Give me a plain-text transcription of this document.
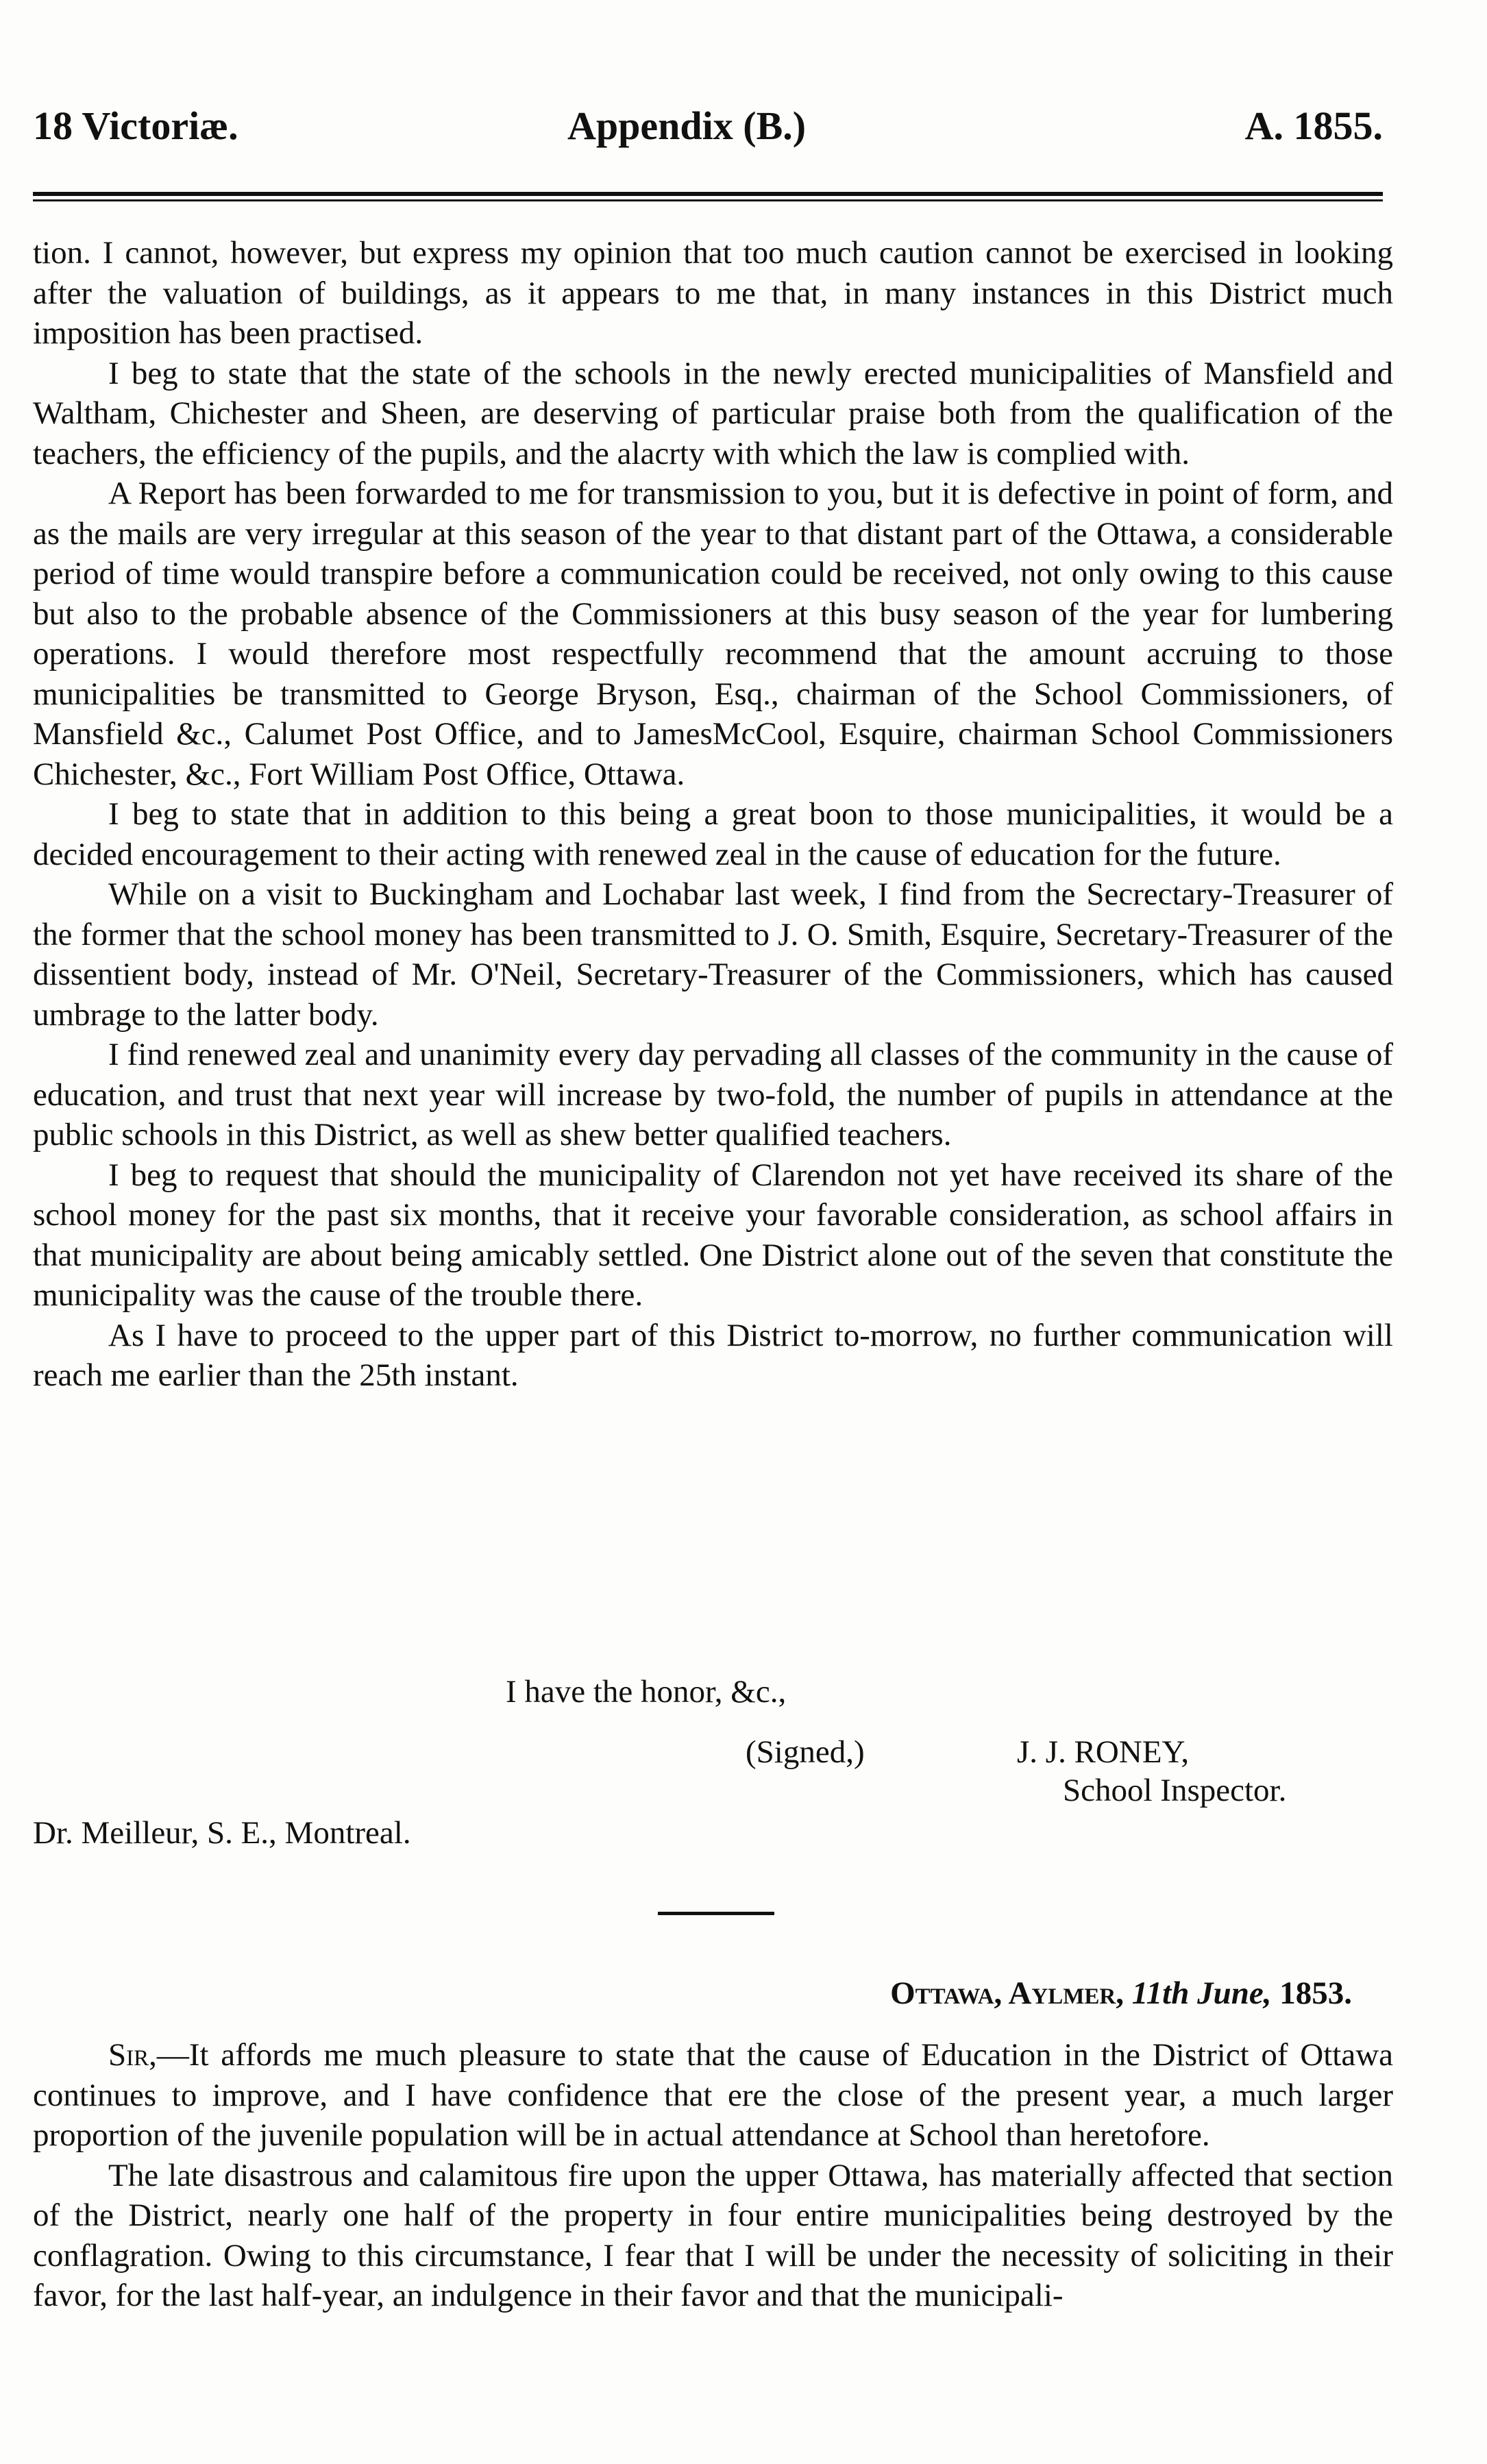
18 Victoriæ.	Appendix (B.)	A. 1855.

tion. I cannot, however, but express my opinion that too much caution cannot be exercised in looking after the valuation of buildings, as it appears to me that, in many instances in this District much imposition has been practised.

I beg to state that the state of the schools in the newly erected municipalities of Mansfield and Waltham, Chichester and Sheen, are deserving of particular praise both from the qualification of the teachers, the efficiency of the pupils, and the alacrty with which the law is complied with.

A Report has been forwarded to me for transmission to you, but it is defective in point of form, and as the mails are very irregular at this season of the year to that distant part of the Ottawa, a considerable period of time would transpire before a communication could be received, not only owing to this cause but also to the probable absence of the Commissioners at this busy season of the year for lumbering operations. I would therefore most respectfully recommend that the amount accruing to those municipalities be transmitted to George Bryson, Esq., chairman of the School Commissioners, of Mansfield &c., Calumet Post Office, and to JamesMcCool, Esquire, chairman School Commissioners Chichester, &c., Fort William Post Office, Ottawa.

I beg to state that in addition to this being a great boon to those municipalities, it would be a decided encouragement to their acting with renewed zeal in the cause of education for the future.

While on a visit to Buckingham and Lochabar last week, I find from the Secrectary-Treasurer of the former that the school money has been transmitted to J. O. Smith, Esquire, Secretary-Treasurer of the dissentient body, instead of Mr. O'Neil, Secretary-Treasurer of the Commissioners, which has caused umbrage to the latter body.

I find renewed zeal and unanimity every day pervading all classes of the community in the cause of education, and trust that next year will increase by two-fold, the number of pupils in attendance at the public schools in this District, as well as shew better qualified teachers.

I beg to request that should the municipality of Clarendon not yet have received its share of the school money for the past six months, that it receive your favorable consideration, as school affairs in that municipality are about being amicably settled. One District alone out of the seven that constitute the municipality was the cause of the trouble there.

As I have to proceed to the upper part of this District to-morrow, no further communication will reach me earlier than the 25th instant.

I have the honor, &c.,
(Signed,)	J. J. RONEY,
School Inspector.
Dr. Meilleur, S. E., Montreal.
Ottawa, Aylmer, 11th June, 1853.

Sir,—It affords me much pleasure to state that the cause of Education in the District of Ottawa continues to improve, and I have confidence that ere the close of the present year, a much larger proportion of the juvenile population will be in actual attendance at School than heretofore.

The late disastrous and calamitous fire upon the upper Ottawa, has materially affected that section of the District, nearly one half of the property in four entire municipalities being destroyed by the conflagration. Owing to this circumstance, I fear that I will be under the necessity of soliciting in their favor, for the last half-year, an indulgence in their favor and that the municipali-
